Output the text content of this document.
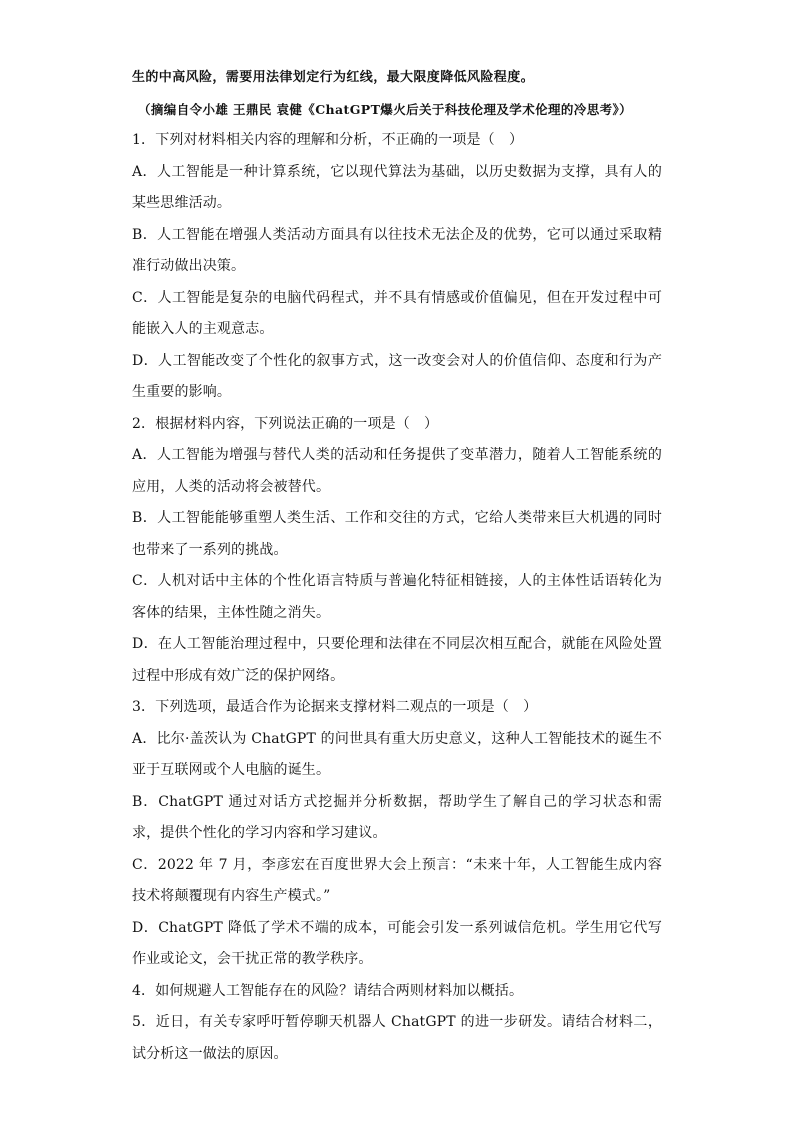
生的中高风险，需要用法律划定行为红线，最大限度降低风险程度。
（摘编自令小雄 王鼎民 袁健《ChatGPT爆火后关于科技伦理及学术伦理的冷思考》）
1．下列对材料相关内容的理解和分析，不正确的一项是（　）
A．人工智能是一种计算系统，它以现代算法为基础，以历史数据为支撑，具有人的某些思维活动。
B．人工智能在增强人类活动方面具有以往技术无法企及的优势，它可以通过采取精准行动做出决策。
C．人工智能是复杂的电脑代码程式，并不具有情感或价值偏见，但在开发过程中可能嵌入人的主观意志。
D．人工智能改变了个性化的叙事方式，这一改变会对人的价值信仰、态度和行为产生重要的影响。
2．根据材料内容，下列说法正确的一项是（　）
A．人工智能为增强与替代人类的活动和任务提供了变革潜力，随着人工智能系统的应用，人类的活动将会被替代。
B．人工智能能够重塑人类生活、工作和交往的方式，它给人类带来巨大机遇的同时也带来了一系列的挑战。
C．人机对话中主体的个性化语言特质与普遍化特征相链接，人的主体性话语转化为客体的结果，主体性随之消失。
D．在人工智能治理过程中，只要伦理和法律在不同层次相互配合，就能在风险处置过程中形成有效广泛的保护网络。
3．下列选项，最适合作为论据来支撑材料二观点的一项是（　）
A．比尔·盖茨认为 ChatGPT 的问世具有重大历史意义，这种人工智能技术的诞生不亚于互联网或个人电脑的诞生。
B．ChatGPT 通过对话方式挖掘并分析数据，帮助学生了解自己的学习状态和需求，提供个性化的学习内容和学习建议。
C．2022 年 7 月，李彦宏在百度世界大会上预言：“未来十年，人工智能生成内容技术将颠覆现有内容生产模式。”
D．ChatGPT 降低了学术不端的成本，可能会引发一系列诚信危机。学生用它代写作业或论文，会干扰正常的教学秩序。
4．如何规避人工智能存在的风险？请结合两则材料加以概括。
5．近日，有关专家呼吁暂停聊天机器人 ChatGPT 的进一步研发。请结合材料二，试分析这一做法的原因。
